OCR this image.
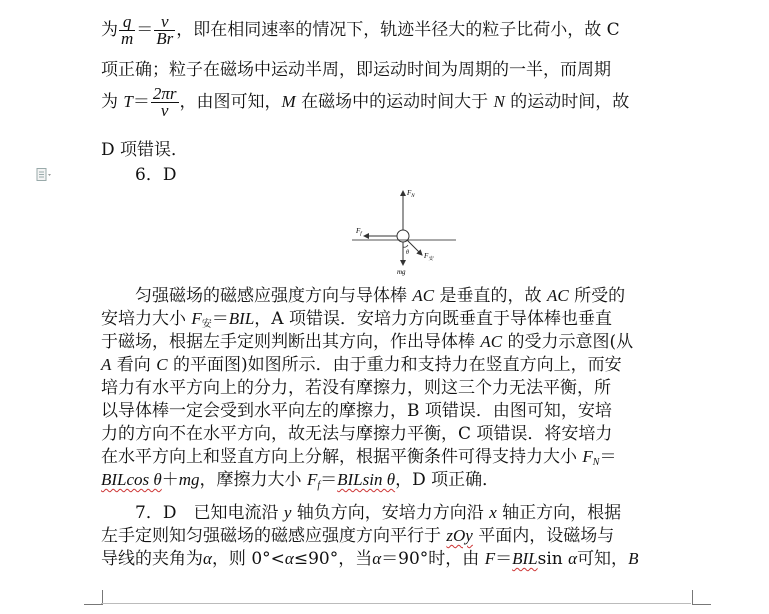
为 $\frac{q}{m} = \frac{v}{Br}$ ，即在相同速率的情况下，轨迹半径大的粒子比荷小，故 C
项正确；粒子在磁场中运动半周，即运动时间为周期的一半，而周期
为 $T= \frac{2\pi r}{v}$ ，由图可知，M 在磁场中的运动时间大于 N 的运动时间，故
D 项错误．
6．D
$F_N$
$F_f$
mg
$F_安$
θ
匀强磁场的磁感应强度方向与导体棒 AC 是垂直的，故 AC 所受的
安培力大小 $F_安=BIL$，A 项错误．安培力方向既垂直于导体棒也垂直
于磁场，根据左手定则判断出其方向，作出导体棒 AC 的受力示意图(从
A 看向 C 的平面图)如图所示．由于重力和支持力在竖直方向上，而安
培力有水平方向上的分力，若没有摩擦力，则这三个力无法平衡，所
以导体棒一定会受到水平向左的摩擦力，B 项错误．由图可知，安培
力的方向不在水平方向，故无法与摩擦力平衡，C 项错误．将安培力
在水平方向上和竖直方向上分解，根据平衡条件可得支持力大小 $F_N=$
BILcos θ＋mg，摩擦力大小 $F_f=BILsin$ θ，D 项正确．
7．D　已知电流沿 y 轴负方向，安培力方向沿 x 轴正方向，根据
左手定则知匀强磁场的磁感应强度方向平行于 zOy 平面内，设磁场与
导线的夹角为α，则 0°<α≤90°，当α＝90°时，由 F＝BILsin α可知，B
